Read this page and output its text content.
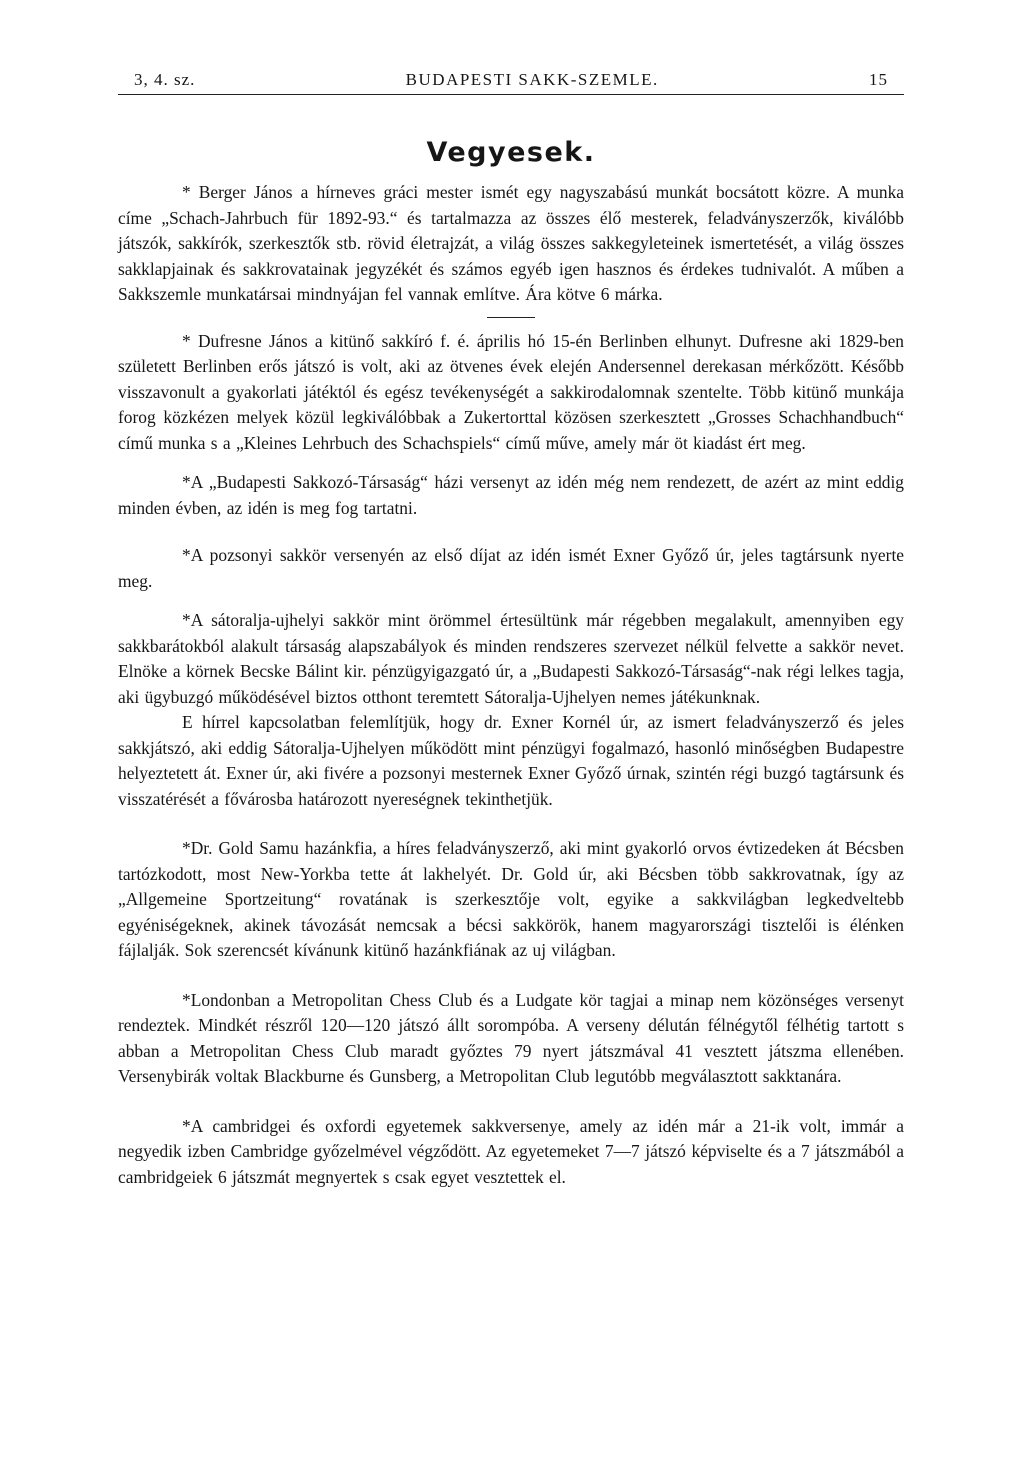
3, 4. sz.	BUDAPESTI SAKK-SZEMLE.	15
Vegyesek.

* Berger János a hírneves gráci mester ismét egy nagyszabású munkát bocsátott közre. A munka címe „Schach-Jahrbuch für 1892-93.“ és tartalmazza az összes élő mesterek, feladványszerzők, kiválóbb játszók, sakkírók, szerkesztők stb. rövid életrajzát, a világ összes sakkegyleteinek ismertetését, a világ összes sakklapjainak és sakkrovatainak jegyzékét és számos egyéb igen hasznos és érdekes tudnivalót. A műben a Sakkszemle munkatársai mindnyájan fel vannak említve. Ára kötve 6 márka.

* Dufresne János a kitünő sakkíró f. é. április hó 15-én Berlinben elhunyt. Dufresne aki 1829-ben született Berlinben erős játszó is volt, aki az ötvenes évek elején Andersennel derekasan mérkőzött. Később visszavonult a gyakorlati játéktól és egész tevékenységét a sakkirodalomnak szentelte. Több kitünő munkája forog közkézen melyek közül legkiválóbbak a Zukertorttal közösen szerkesztett „Grosses Schachhandbuch“ című munka s a „Kleines Lehrbuch des Schachspiels“ című műve, amely már öt kiadást ért meg.

*A „Budapesti Sakkozó-Társaság“ házi versenyt az idén még nem rendezett, de azért az mint eddig minden évben, az idén is meg fog tartatni.

*A pozsonyi sakkör versenyén az első díjat az idén ismét Exner Győző úr, jeles tagtársunk nyerte meg.

*A sátoralja-ujhelyi sakkör mint örömmel értesültünk már régebben megalakult, amennyiben egy sakkbarátokból alakult társaság alapszabályok és minden rendszeres szervezet nélkül felvette a sakkör nevet. Elnöke a körnek Becske Bálint kir. pénzügyigazgató úr, a „Budapesti Sakkozó-Társaság“-nak régi lelkes tagja, aki ügybuzgó működésével biztos otthont teremtett Sátoralja-Ujhelyen nemes játékunknak.

E hírrel kapcsolatban felemlítjük, hogy dr. Exner Kornél úr, az ismert feladványszerző és jeles sakkjátszó, aki eddig Sátoralja-Ujhelyen működött mint pénzügyi fogalmazó, hasonló minőségben Budapestre helyeztetett át. Exner úr, aki fivére a pozsonyi mesternek Exner Győző úrnak, szintén régi buzgó tagtársunk és visszatérését a fővárosba határozott nyereségnek tekinthetjük.

*Dr. Gold Samu hazánkfia, a híres feladványszerző, aki mint gyakorló orvos évtizedeken át Bécsben tartózkodott, most New-Yorkba tette át lakhelyét. Dr. Gold úr, aki Bécsben több sakkrovatnak, így az „Allgemeine Sportzeitung“ rovatának is szerkesztője volt, egyike a sakkvilágban legkedveltebb egyéniségeknek, akinek távozását nemcsak a bécsi sakkörök, hanem magyarországi tisztelői is élénken fájlalják. Sok szerencsét kívánunk kitünő hazánkfiának az uj világban.

*Londonban a Metropolitan Chess Club és a Ludgate kör tagjai a minap nem közönséges versenyt rendeztek. Mindkét részről 120—120 játszó állt sorompóba. A verseny délután félnégytől félhétig tartott s abban a Metropolitan Chess Club maradt győztes 79 nyert játszmával 41 vesztett játszma ellenében. Versenybirák voltak Blackburne és Gunsberg, a Metropolitan Club legutóbb megválasztott sakktanára.

*A cambridgei és oxfordi egyetemek sakkversenye, amely az idén már a 21-ik volt, immár a negyedik izben Cambridge győzelmével végződött. Az egyetemeket 7—7 játszó képviselte és a 7 játszmából a cambridgeiek 6 játszmát megnyertek s csak egyet vesztettek el.
